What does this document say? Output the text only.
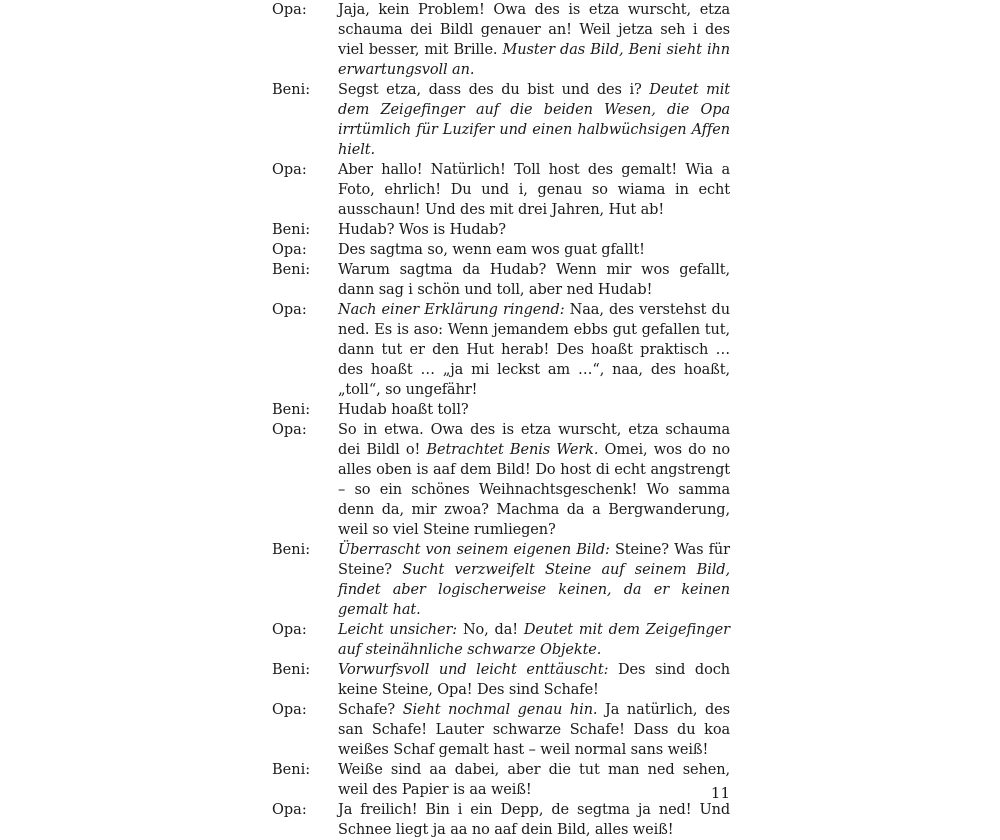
Opa:	Jaja, kein Problem! Owa des is etza wurscht, etza schauma dei Bildl genauer an! Weil jetza seh i des viel besser, mit Brille. Muster das Bild, Beni sieht ihn erwartungsvoll an.
Beni:	Segst etza, dass des du bist und des i? Deutet mit dem Zeigefinger auf die beiden Wesen, die Opa irrtümlich für Luzifer und einen halbwüchsigen Affen hielt.
Opa:	Aber hallo! Natürlich! Toll host des gemalt! Wia a Foto, ehrlich! Du und i, genau so wiama in echt ausschaun! Und des mit drei Jahren, Hut ab!
Beni:	Hudab? Wos is Hudab?
Opa:	Des sagtma so, wenn eam wos guat gfallt!
Beni:	Warum sagtma da Hudab? Wenn mir wos gefallt, dann sag i schön und toll, aber ned Hudab!
Opa:	Nach einer Erklärung ringend: Naa, des verstehst du ned. Es is aso: Wenn jemandem ebbs gut gefallen tut, dann tut er den Hut herab! Des hoaßt praktisch … des hoaßt … „ja mi leckst am …“, naa, des hoaßt, „toll“, so ungefähr!
Beni:	Hudab hoaßt toll?
Opa:	So in etwa. Owa des is etza wurscht, etza schauma dei Bildl o! Betrachtet Benis Werk. Omei, wos do no alles oben is aaf dem Bild! Do host di echt angstrengt – so ein schönes Weihnachtsgeschenk! Wo samma denn da, mir zwoa? Machma da a Bergwanderung, weil so viel Steine rumliegen?
Beni:	Überrascht von seinem eigenen Bild: Steine? Was für Steine? Sucht verzweifelt Steine auf seinem Bild, findet aber logischerweise keinen, da er keinen gemalt hat.
Opa:	Leicht unsicher: No, da! Deutet mit dem Zeigefinger auf steinähnliche schwarze Objekte.
Beni:	Vorwurfsvoll und leicht enttäuscht: Des sind doch keine Steine, Opa! Des sind Schafe!
Opa:	Schafe? Sieht nochmal genau hin. Ja natürlich, des san Schafe! Lauter schwarze Schafe! Dass du koa weißes Schaf gemalt hast – weil normal sans weiß!
Beni:	Weiße sind aa dabei, aber die tut man ned sehen, weil des Papier is aa weiß!
Opa:	Ja freilich! Bin i ein Depp, de segtma ja ned! Und Schnee liegt ja aa no aaf dein Bild, alles weiß!
11
